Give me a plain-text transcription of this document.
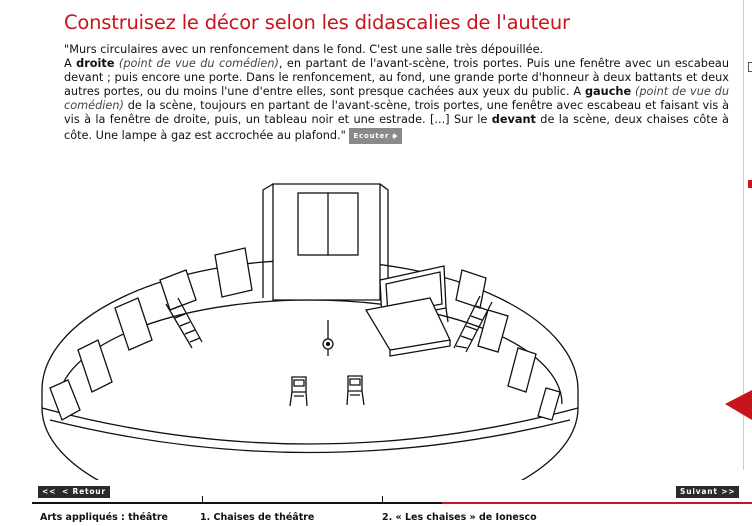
Construisez le décor selon les didascalies de l'auteur

"Murs circulaires avec un renfoncement dans le fond. C'est une salle très dépouillée.
A droite (point de vue du comédien), en partant de l'avant-scène, trois portes. Puis une fenêtre avec un escabeau devant ; puis encore une porte. Dans le renfoncement, au fond, une grande porte d'honneur à deux battants et deux autres portes, ou du moins l'une d'entre elles, sont presque cachées aux yeux du public. A gauche (point de vue du comédien) de la scène, toujours en partant de l'avant-scène, trois portes, une fenêtre avec escabeau et faisant vis à vis à la fenêtre de droite, puis, un tableau noir et une estrade. [...] Sur le devant de la scène, deux chaises côte à côte. Une lampe à gaz est accrochée au plafond." Ecouter 🕪

<< < Retour	Suivant >>
Arts appliqués : théâtre	1. Chaises de théâtre	2. « Les chaises » de Ionesco
